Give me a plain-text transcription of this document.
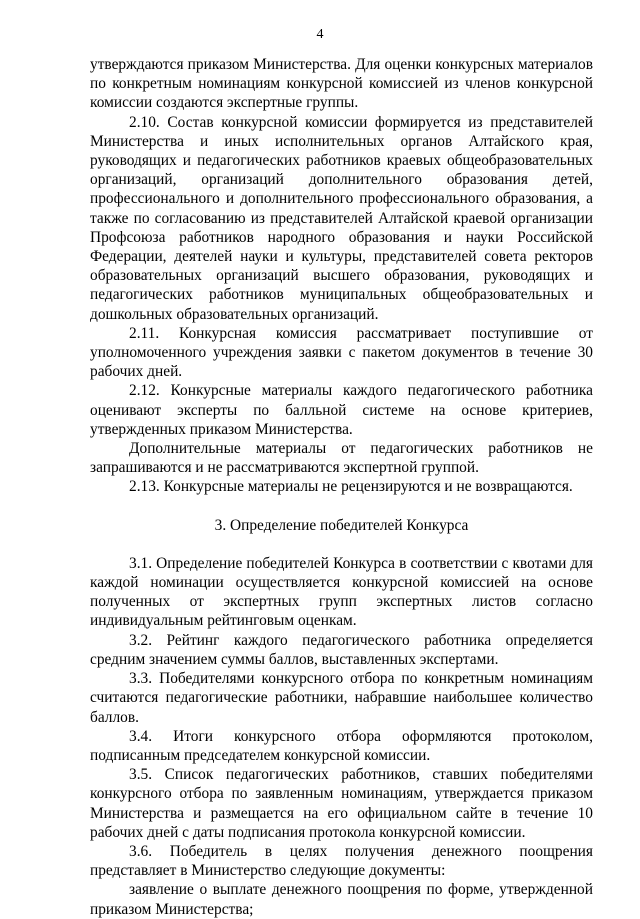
4

утверждаются приказом Министерства. Для оценки конкурсных материалов по конкретным номинациям конкурсной комиссией из членов конкурсной комиссии создаются экспертные группы.

2.10. Состав конкурсной комиссии формируется из представителей Министерства и иных исполнительных органов Алтайского края, руководящих и педагогических работников краевых общеобразовательных организаций, организаций дополнительного образования детей, профессионального и дополнительного профессионального образования, а также по согласованию из представителей Алтайской краевой организации Профсоюза работников народного образования и науки Российской Федерации, деятелей науки и культуры, представителей совета ректоров образовательных организаций высшего образования, руководящих и педагогических работников муниципальных общеобразовательных и дошкольных образовательных организаций.

2.11. Конкурсная комиссия рассматривает поступившие от уполномоченного учреждения заявки с пакетом документов в течение 30 рабочих дней.

2.12. Конкурсные материалы каждого педагогического работника оценивают эксперты по балльной системе на основе критериев, утвержденных приказом Министерства.

Дополнительные материалы от педагогических работников не запрашиваются и не рассматриваются экспертной группой.

2.13. Конкурсные материалы не рецензируются и не возвращаются.

3. Определение победителей Конкурса

3.1. Определение победителей Конкурса в соответствии с квотами для каждой номинации осуществляется конкурсной комиссией на основе полученных от экспертных групп экспертных листов согласно индивидуальным рейтинговым оценкам.

3.2. Рейтинг каждого педагогического работника определяется средним значением суммы баллов, выставленных экспертами.

3.3. Победителями конкурсного отбора по конкретным номинациям считаются педагогические работники, набравшие наибольшее количество баллов.

3.4. Итоги конкурсного отбора оформляются протоколом, подписанным председателем конкурсной комиссии.

3.5. Список педагогических работников, ставших победителями конкурсного отбора по заявленным номинациям, утверждается приказом Министерства и размещается на его официальном сайте в течение 10 рабочих дней с даты подписания протокола конкурсной комиссии.

3.6. Победитель в целях получения денежного поощрения представляет в Министерство следующие документы:

заявление о выплате денежного поощрения по форме, утвержденной приказом Министерства;
